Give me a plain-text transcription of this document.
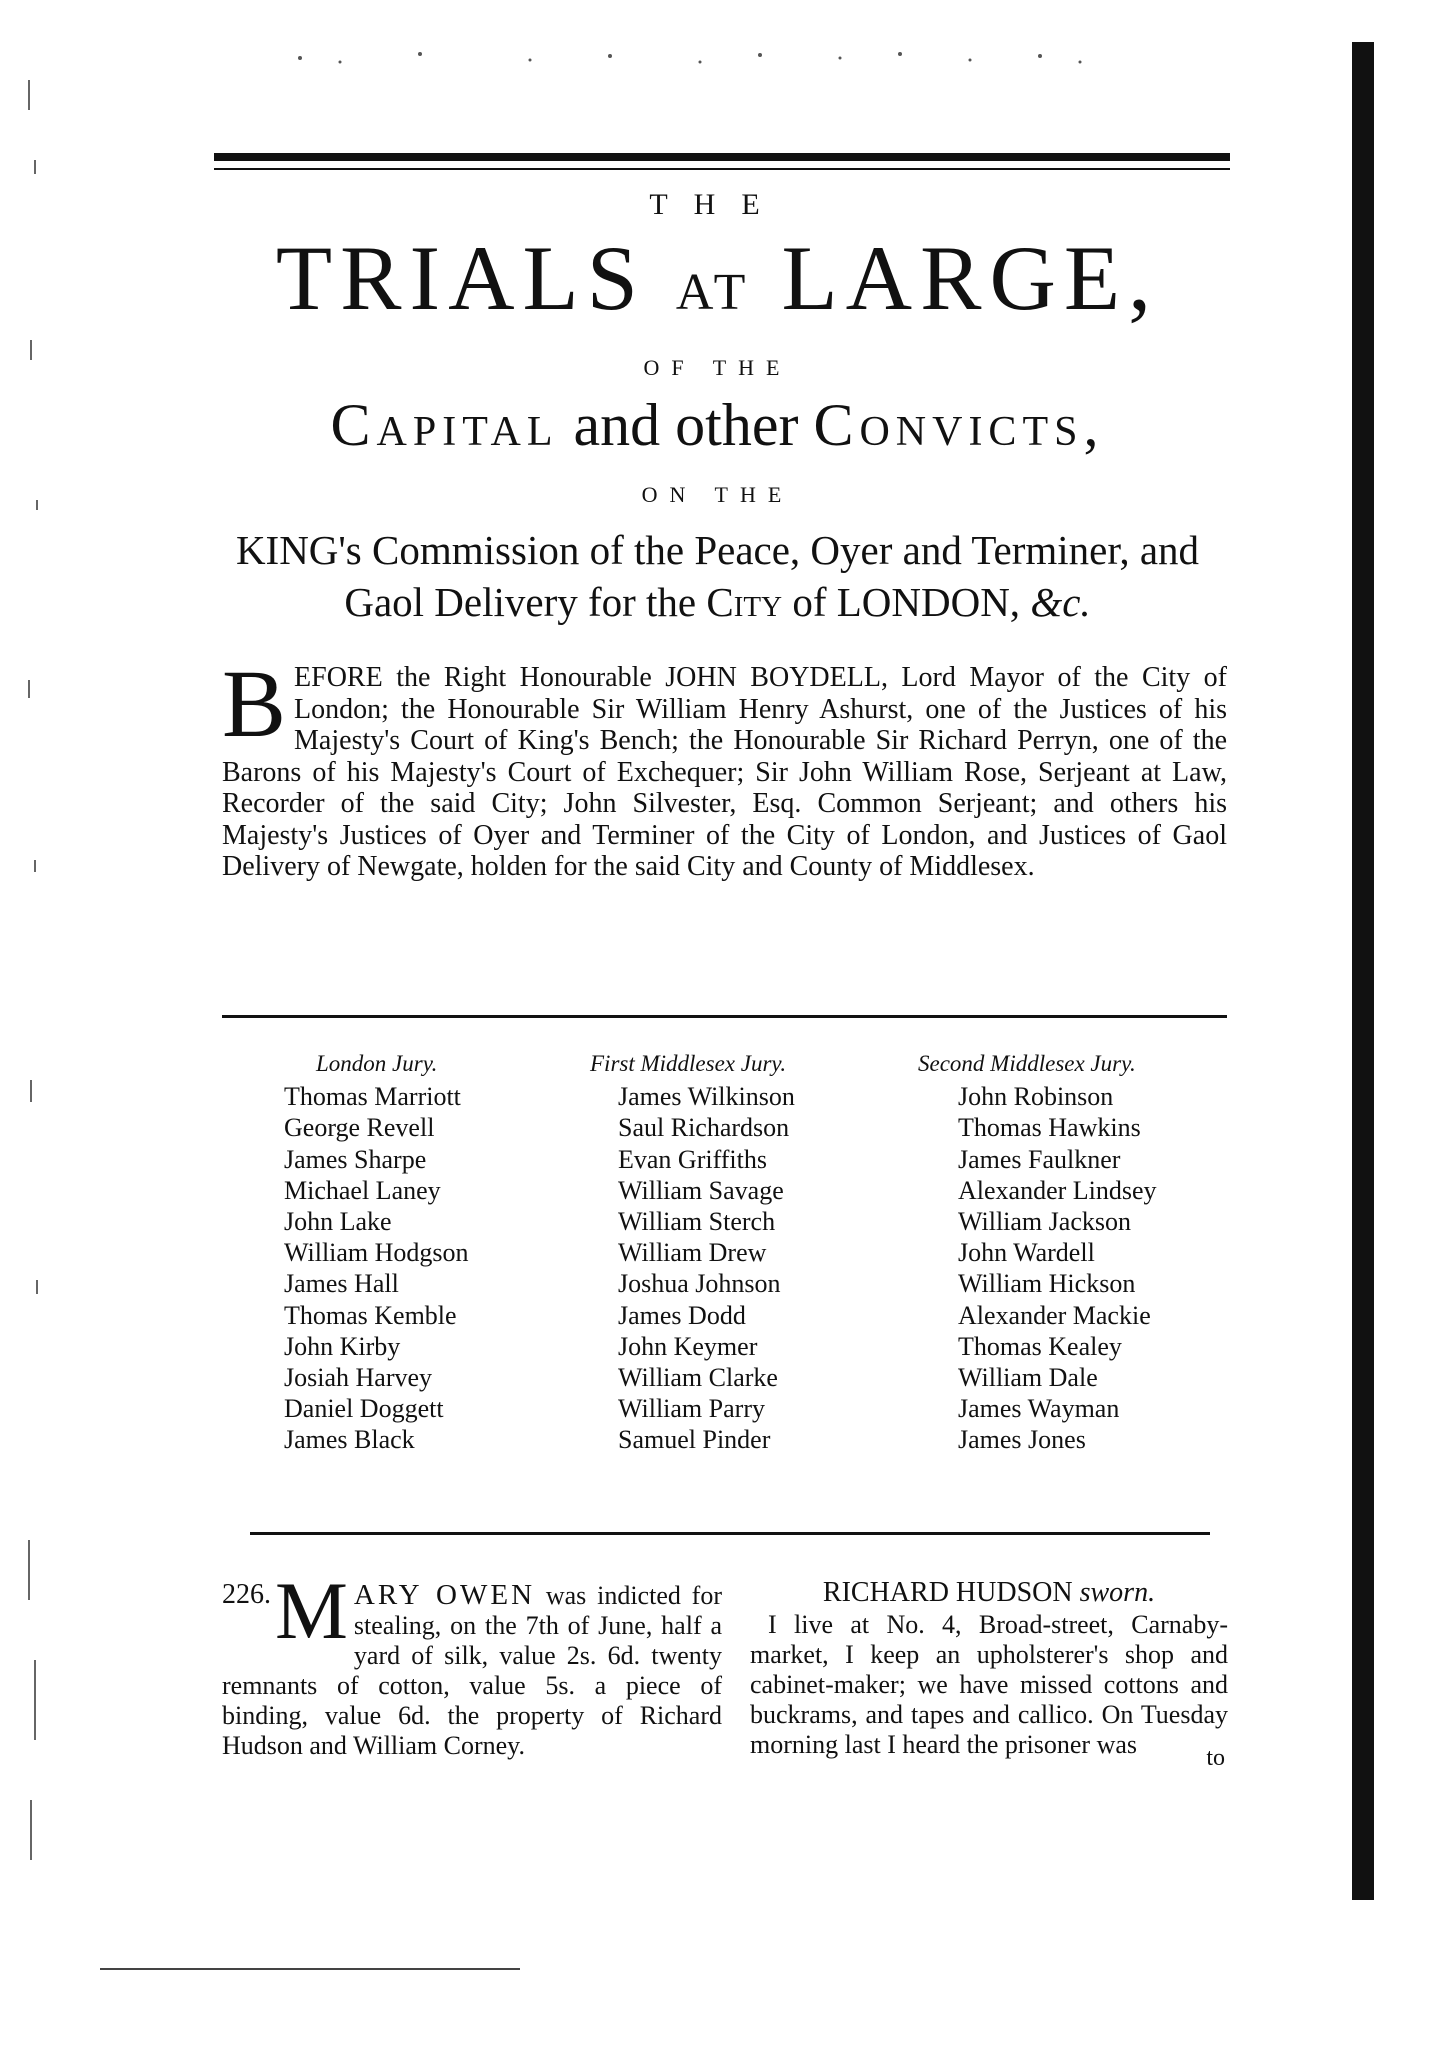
THE
TRIALS AT LARGE,
OF THE
Capital and other Convicts,
ON THE
KING's Commission of the Peace, Oyer and Terminer, and
Gaol Delivery for the City of LONDON, &c.
BEFORE the Right Honourable JOHN BOYDELL, Lord Mayor of the City of London; the Honourable Sir William Henry Ashurst, one of the Justices of his Majesty's Court of King's Bench; the Honourable Sir Richard Perryn, one of the Barons of his Majesty's Court of Exchequer; Sir John William Rose, Serjeant at Law, Recorder of the said City; John Silvester, Esq. Common Serjeant; and others his Majesty's Justices of Oyer and Terminer of the City of London, and Justices of Gaol Delivery of Newgate, holden for the said City and County of Middlesex.
London Jury.
Thomas Marriott
George Revell
James Sharpe
Michael Laney
John Lake
William Hodgson
James Hall
Thomas Kemble
John Kirby
Josiah Harvey
Daniel Doggett
James Black
First Middlesex Jury.
James Wilkinson
Saul Richardson
Evan Griffiths
William Savage
William Sterch
William Drew
Joshua Johnson
James Dodd
John Keymer
William Clarke
William Parry
Samuel Pinder
Second Middlesex Jury.
John Robinson
Thomas Hawkins
James Faulkner
Alexander Lindsey
William Jackson
John Wardell
William Hickson
Alexander Mackie
Thomas Kealey
William Dale
James Wayman
James Jones
226. M ARY OWEN was indicted for stealing, on the 7th of June, half a yard of silk, value 2s. 6d. twenty remnants of cotton, value 5s. a piece of binding, value 6d. the property of Richard Hudson and William Corney.
RICHARD HUDSON sworn.
I live at No. 4, Broad-street, Carnaby-market, I keep an upholsterer's shop and cabinet-maker; we have missed cottons and buckrams, and tapes and callico. On Tuesday morning last I heard the prisoner was	to
